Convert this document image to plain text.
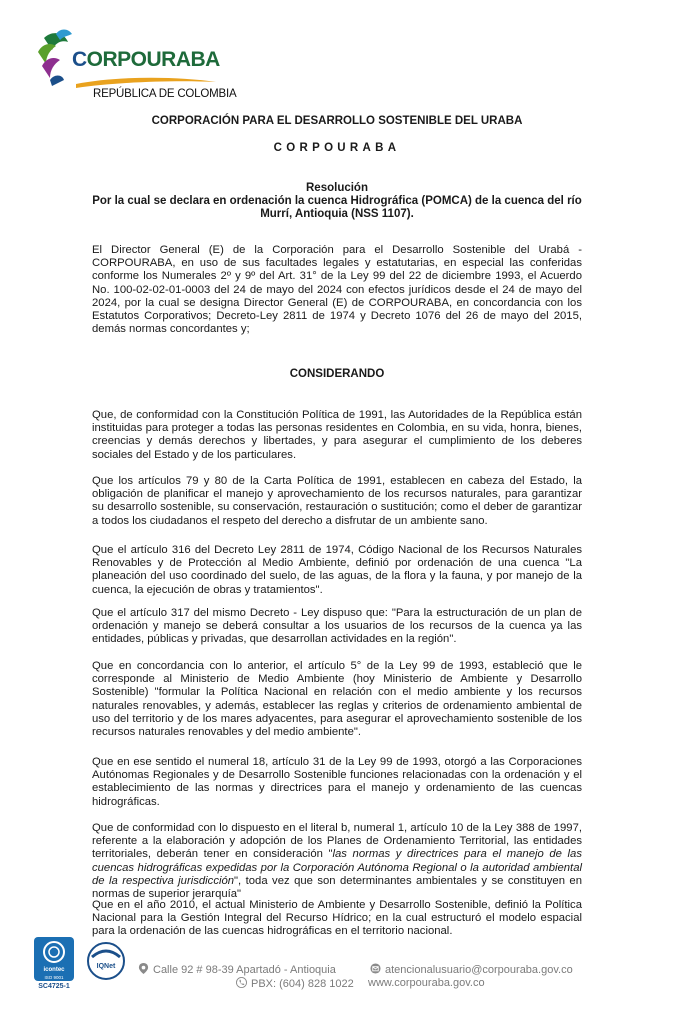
CORPOURABA
REPÚBLICA DE COLOMBIA
CORPORACIÓN PARA EL DESARROLLO SOSTENIBLE DEL URABA
CORPOURABA
Resolución
Por la cual se declara en ordenación la cuenca Hidrográfica (POMCA) de la cuenca del río Murrí, Antioquia (NSS 1107).

El Director General (E) de la Corporación para el Desarrollo Sostenible del Urabá - CORPOURABA, en uso de sus facultades legales y estatutarias, en especial las conferidas conforme los Numerales 2º y 9º del Art. 31° de la Ley 99 del 22 de diciembre 1993, el Acuerdo No. 100-02-02-01-0003 del 24 de mayo del 2024 con efectos jurídicos desde el 24 de mayo del 2024, por la cual se designa Director General (E) de CORPOURABA, en concordancia con los Estatutos Corporativos; Decreto-Ley 2811 de 1974 y Decreto 1076 del 26 de mayo del 2015, demás normas concordantes y;

CONSIDERANDO

Que, de conformidad con la Constitución Política de 1991, las Autoridades de la República están instituidas para proteger a todas las personas residentes en Colombia, en su vida, honra, bienes, creencias y demás derechos y libertades, y para asegurar el cumplimiento de los deberes sociales del Estado y de los particulares.

Que los artículos 79 y 80 de la Carta Política de 1991, establecen en cabeza del Estado, la obligación de planificar el manejo y aprovechamiento de los recursos naturales, para garantizar su desarrollo sostenible, su conservación, restauración o sustitución; como el deber de garantizar a todos los ciudadanos el respeto del derecho a disfrutar de un ambiente sano.

Que el artículo 316 del Decreto Ley 2811 de 1974, Código Nacional de los Recursos Naturales Renovables y de Protección al Medio Ambiente, definió por ordenación de una cuenca "La planeación del uso coordinado del suelo, de las aguas, de la flora y la fauna, y por manejo de la cuenca, la ejecución de obras y tratamientos".

Que el artículo 317 del mismo Decreto - Ley dispuso que: "Para la estructuración de un plan de ordenación y manejo se deberá consultar a los usuarios de los recursos de la cuenca ya las entidades, públicas y privadas, que desarrollan actividades en la región".

Que en concordancia con lo anterior, el artículo 5° de la Ley 99 de 1993, estableció que le corresponde al Ministerio de Medio Ambiente (hoy Ministerio de Ambiente y Desarrollo Sostenible) "formular la Política Nacional en relación con el medio ambiente y los recursos naturales renovables, y además, establecer las reglas y criterios de ordenamiento ambiental de uso del territorio y de los mares adyacentes, para asegurar el aprovechamiento sostenible de los recursos naturales renovables y del medio ambiente".

Que en ese sentido el numeral 18, artículo 31 de la Ley 99 de 1993, otorgó a las Corporaciones Autónomas Regionales y de Desarrollo Sostenible funciones relacionadas con la ordenación y el establecimiento de las normas y directrices para el manejo y ordenamiento de las cuencas hidrográficas.

Que de conformidad con lo dispuesto en el literal b, numeral 1, artículo 10 de la Ley 388 de 1997, referente a la elaboración y adopción de los Planes de Ordenamiento Territorial, las entidades territoriales, deberán tener en consideración "las normas y directrices para el manejo de las cuencas hidrográficas expedidas por la Corporación Autónoma Regional o la autoridad ambiental de la respectiva jurisdicción", toda vez que son determinantes ambientales y se constituyen en normas de superior jerarquía"

Que en el año 2010, el actual Ministerio de Ambiente y Desarrollo Sostenible, definió la Política Nacional para la Gestión Integral del Recurso Hídrico; en la cual estructuró el modelo espacial para la ordenación de las cuencas hidrográficas en el territorio nacional.

icontec
ISO 9001
SC4725-1
IQNet	Calle 92 # 98-39 Apartadó - Antioquia	atencionalusuario@corpouraba.gov.co
PBX: (604) 828 1022 www.corpouraba.gov.co
